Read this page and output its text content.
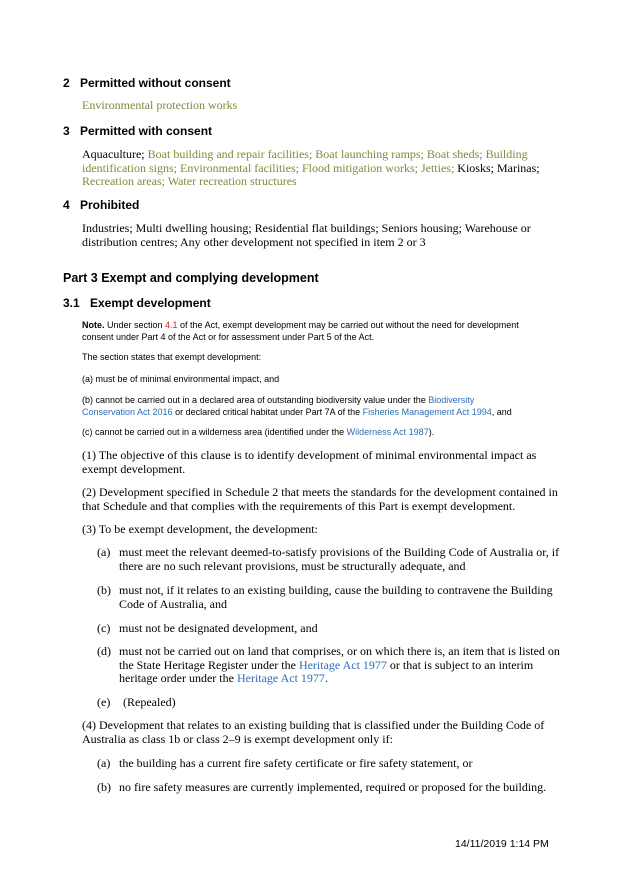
2 Permitted without consent
Environmental protection works
3 Permitted with consent
Aquaculture; Boat building and repair facilities; Boat launching ramps; Boat sheds; Building
identification signs; Environmental facilities; Flood mitigation works; Jetties; Kiosks; Marinas;
Recreation areas; Water recreation structures
4 Prohibited
Industries; Multi dwelling housing; Residential flat buildings; Seniors housing; Warehouse or
distribution centres; Any other development not specified in item 2 or 3
Part 3 Exempt and complying development
3.1 Exempt development
Note. Under section 4.1 of the Act, exempt development may be carried out without the need for development
consent under Part 4 of the Act or for assessment under Part 5 of the Act.
The section states that exempt development:
(a) must be of minimal environmental impact, and
(b) cannot be carried out in a declared area of outstanding biodiversity value under the Biodiversity
Conservation Act 2016 or declared critical habitat under Part 7A of the Fisheries Management Act 1994, and
(c) cannot be carried out in a wilderness area (identified under the Wilderness Act 1987).
(1) The objective of this clause is to identify development of minimal environmental impact as
exempt development.
(2) Development specified in Schedule 2 that meets the standards for the development contained in
that Schedule and that complies with the requirements of this Part is exempt development.
(3) To be exempt development, the development:
(a) must meet the relevant deemed-to-satisfy provisions of the Building Code of Australia or, if
there are no such relevant provisions, must be structurally adequate, and
(b) must not, if it relates to an existing building, cause the building to contravene the Building
Code of Australia, and
(c) must not be designated development, and
(d) must not be carried out on land that comprises, or on which there is, an item that is listed on
the State Heritage Register under the Heritage Act 1977 or that is subject to an interim
heritage order under the Heritage Act 1977.
(e) (Repealed)
(4) Development that relates to an existing building that is classified under the Building Code of
Australia as class 1b or class 2–9 is exempt development only if:
(a) the building has a current fire safety certificate or fire safety statement, or
(b) no fire safety measures are currently implemented, required or proposed for the building.
14/11/2019 1:14 PM
